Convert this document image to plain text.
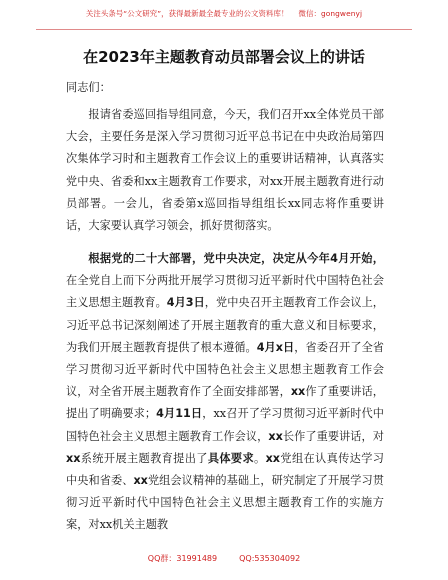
关注头条号“公文研究”，获得最新最全最专业的公文资料库！ 微信：gongwenyj
在2023年主题教育动员部署会议上的讲话
同志们：

报请省委巡回指导组同意，今天，我们召开xx全体党员干部大会，主要任务是深入学习贯彻习近平总书记在中央政治局第四次集体学习时和主题教育工作会议上的重要讲话精神，认真落实党中央、省委和xx主题教育工作要求，对xx开展主题教育进行动员部署。一会儿，省委第x巡回指导组组长xx同志将作重要讲话，大家要认真学习领会，抓好贯彻落实。

根据党的二十大部署，党中央决定，决定从今年4月开始，在全党自上而下分两批开展学习贯彻习近平新时代中国特色社会主义思想主题教育。4月3日，党中央召开主题教育工作会议上，习近平总书记深刻阐述了开展主题教育的重大意义和目标要求，为我们开展主题教育提供了根本遵循。4月x日，省委召开了全省学习贯彻习近平新时代中国特色社会主义思想主题教育工作会议，对全省开展主题教育作了全面安排部署，xx作了重要讲话，提出了明确要求；4月11日，xx召开了学习贯彻习近平新时代中国特色社会主义思想主题教育工作会议，xx长作了重要讲话，对xx系统开展主题教育提出了具体要求。xx党组在认真传达学习中央和省委、xx党组会议精神的基础上，研究制定了开展学习贯彻习近平新时代中国特色社会主义思想主题教育工作的实施方案，对xx机关主题教

QQ群：31991489	QQ:535304092
